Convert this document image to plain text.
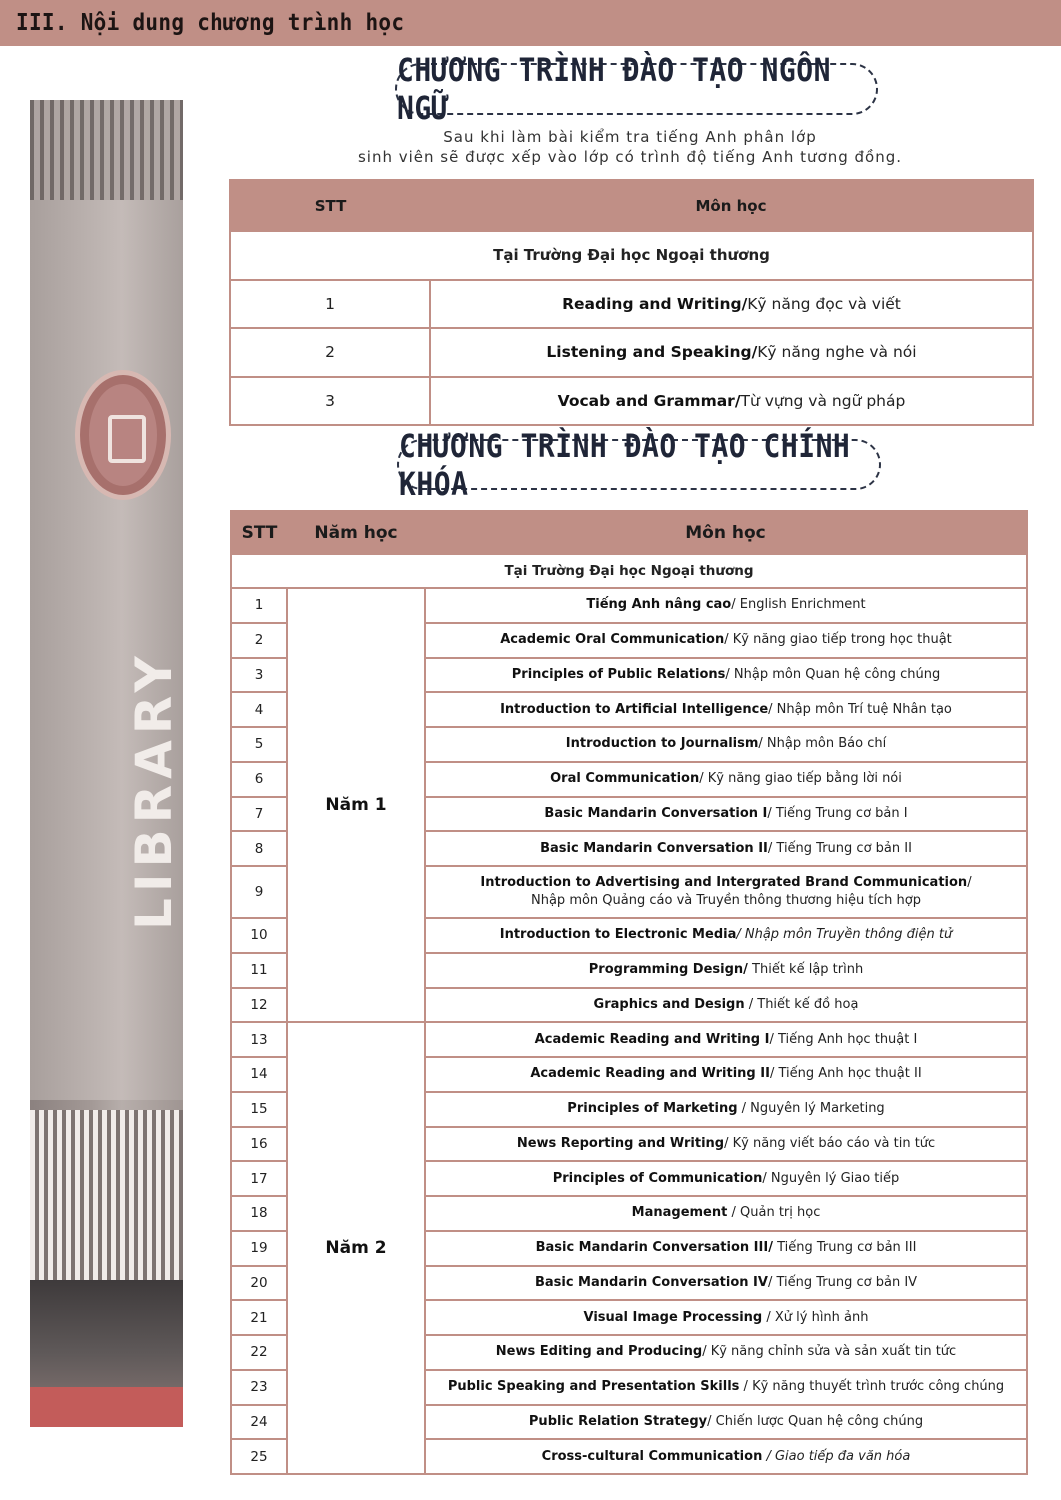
III. Nội dung chương trình học
LIBRARY
CHƯƠNG TRÌNH ĐÀO TẠO NGÔN NGỮ
Sau khi làm bài kiểm tra tiếng Anh phân lớp
sinh viên sẽ được xếp vào lớp có trình độ tiếng Anh tương đồng.
STT	Môn học
Tại Trường Đại học Ngoại thương	
1	Reading and Writing/Kỹ năng đọc và viết
2	Listening and Speaking/Kỹ năng nghe và nói
3	Vocab and Grammar/Từ vựng và ngữ pháp
CHƯƠNG TRÌNH ĐÀO TẠO CHÍNH KHÓA
STT	Năm học	Môn học
Tại Trường Đại học Ngoại thương		
1	Năm 1	Tiếng Anh nâng cao/ English Enrichment
2		Academic Oral Communication/ Kỹ năng giao tiếp trong học thuật
3		Principles of Public Relations/ Nhập môn Quan hệ công chúng
4		Introduction to Artificial Intelligence/ Nhập môn Trí tuệ Nhân tạo
5		Introduction to Journalism/ Nhập môn Báo chí
6		Oral Communication/ Kỹ năng giao tiếp bằng lời nói
7		Basic Mandarin Conversation I/ Tiếng Trung cơ bản I
8		Basic Mandarin Conversation II/ Tiếng Trung cơ bản II
9		Introduction to Advertising and Intergrated Brand Communication/
Nhập môn Quảng cáo và Truyền thông thương hiệu tích hợp
10		Introduction to Electronic Media/ Nhập môn Truyền thông điện tử
11		Programming Design/ Thiết kế lập trình
12		Graphics and Design / Thiết kế đồ hoạ
13	Năm 2	Academic Reading and Writing I/ Tiếng Anh học thuật I
14		Academic Reading and Writing II/ Tiếng Anh học thuật II
15		Principles of Marketing / Nguyên lý Marketing
16		News Reporting and Writing/ Kỹ năng viết báo cáo và tin tức
17		Principles of Communication/ Nguyên lý Giao tiếp
18		Management / Quản trị học
19		Basic Mandarin Conversation III/ Tiếng Trung cơ bản III
20		Basic Mandarin Conversation IV/ Tiếng Trung cơ bản IV
21		Visual Image Processing / Xử lý hình ảnh
22		News Editing and Producing/ Kỹ năng chỉnh sửa và sản xuất tin tức
23		Public Speaking and Presentation Skills / Kỹ năng thuyết trình trước công chúng
24		Public Relation Strategy/ Chiến lược Quan hệ công chúng
25		Cross-cultural Communication / Giao tiếp đa văn hóa
